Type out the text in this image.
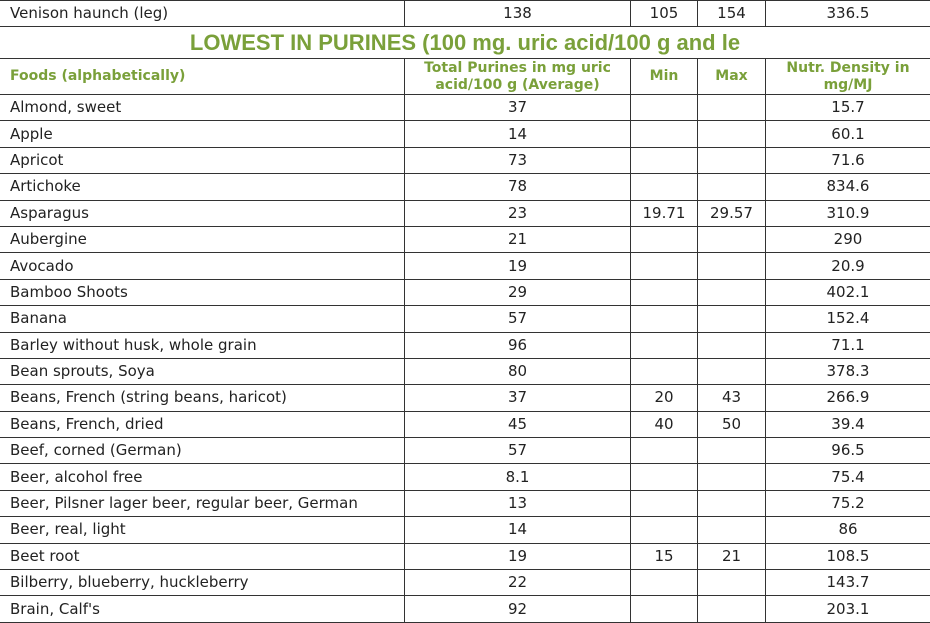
Venison haunch (leg)	138	105	154	336.5
LOWEST IN PURINES (100 mg. uric acid/100 g and le				
Foods (alphabetically)	Total Purines in mg uric acid/100 g (Average)	Min	Max	Nutr. Density in mg/MJ
Almond, sweet	37			15.7
Apple	14			60.1
Apricot	73			71.6
Artichoke	78			834.6
Asparagus	23	19.71	29.57	310.9
Aubergine	21			290
Avocado	19			20.9
Bamboo Shoots	29			402.1
Banana	57			152.4
Barley without husk, whole grain	96			71.1
Bean sprouts, Soya	80			378.3
Beans, French (string beans, haricot)	37	20	43	266.9
Beans, French, dried	45	40	50	39.4
Beef, corned (German)	57			96.5
Beer, alcohol free	8.1			75.4
Beer, Pilsner lager beer, regular beer, German	13			75.2
Beer, real, light	14			86
Beet root	19	15	21	108.5
Bilberry, blueberry, huckleberry	22			143.7
Brain, Calf's	92			203.1
